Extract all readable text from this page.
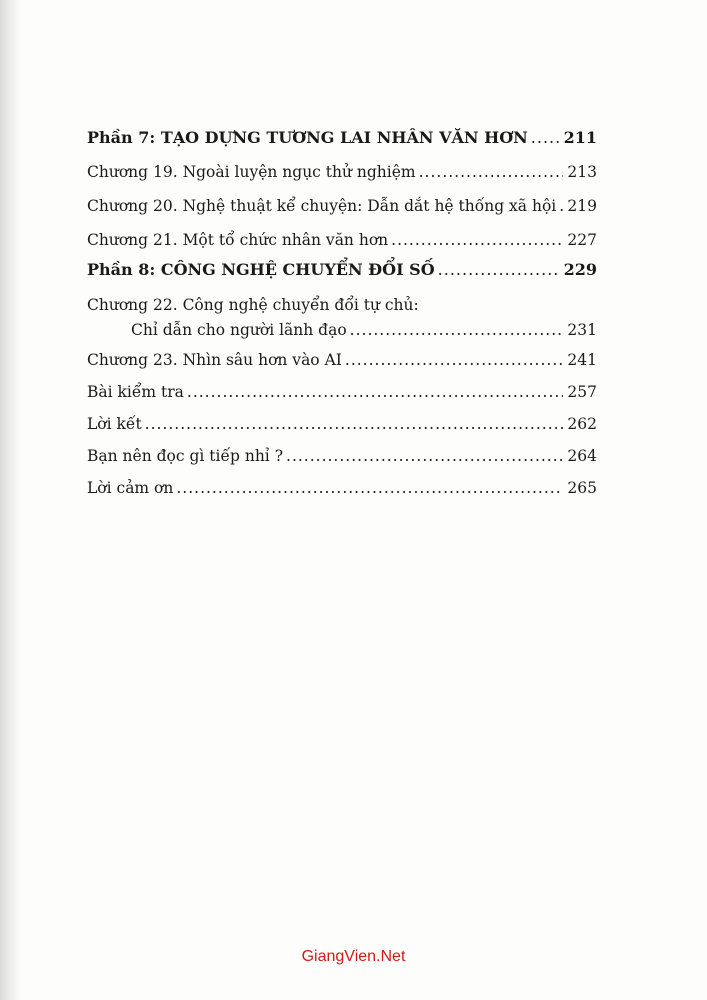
Phần 7: TẠO DỰNG TƯƠNG LAI NHÂN VĂN HƠN ..... 211
Chương 19. Ngoài luyện ngục thử nghiệm .....	213
Chương 20. Nghệ thuật kể chuyện: Dẫn dắt hệ thống xã hội ..... 219
Chương 21. Một tổ chức nhân văn hơn .....	227
Phần 8: CÔNG NGHỆ CHUYỂN ĐỔI SỐ .....	229
Chương 22. Công nghệ chuyển đổi tự chủ:
Chỉ dẫn cho người lãnh đạo .....	231
Chương 23. Nhìn sâu hơn vào AI .....	241
Bài kiểm tra .....	257
Lời kết .....	262
Bạn nên đọc gì tiếp nhỉ ? .....	264
Lời cảm ơn .....	265
GiangVien.Net
